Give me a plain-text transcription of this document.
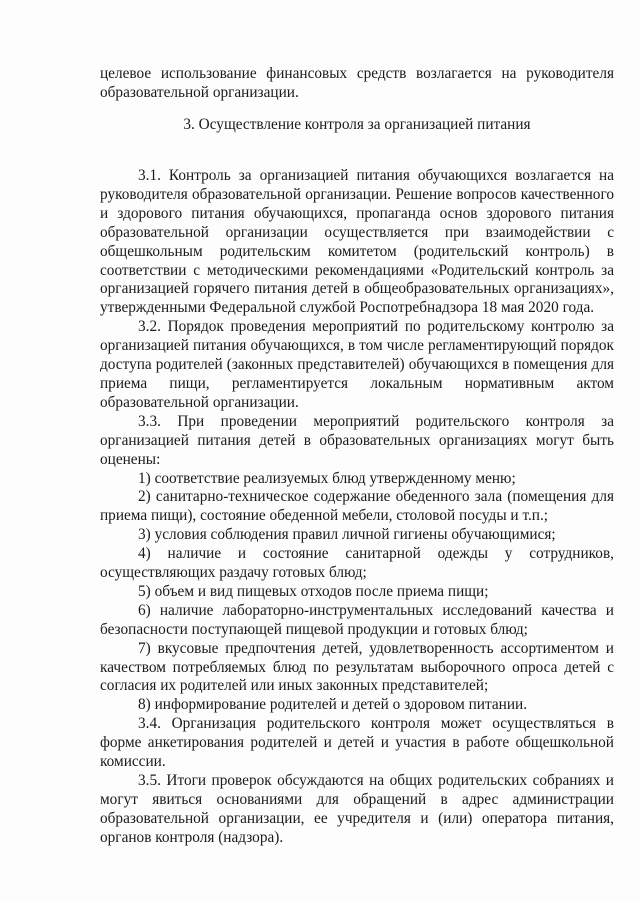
целевое использование финансовых средств возлагается на руководителя образовательной организации.

3. Осуществление контроля за организацией питания

3.1. Контроль за организацией питания обучающихся возлагается на руководителя образовательной организации. Решение вопросов качественного и здорового питания обучающихся, пропаганда основ здорового питания образовательной организации осуществляется при взаимодействии с общешкольным родительским комитетом (родительский контроль) в соответствии с методическими рекомендациями «Родительский контроль за организацией горячего питания детей в общеобразовательных организациях», утвержденными Федеральной службой Роспотребнадзора 18 мая 2020 года.

3.2. Порядок проведения мероприятий по родительскому контролю за организацией питания обучающихся, в том числе регламентирующий порядок доступа родителей (законных представителей) обучающихся в помещения для приема пищи, регламентируется локальным нормативным актом образовательной организации.

3.3. При проведении мероприятий родительского контроля за организацией питания детей в образовательных организациях могут быть оценены:

1) соответствие реализуемых блюд утвержденному меню;

2) санитарно-техническое содержание обеденного зала (помещения для приема пищи), состояние обеденной мебели, столовой посуды и т.п.;

3) условия соблюдения правил личной гигиены обучающимися;

4) наличие и состояние санитарной одежды у сотрудников, осуществляющих раздачу готовых блюд;

5) объем и вид пищевых отходов после приема пищи;

6) наличие лабораторно-инструментальных исследований качества и безопасности поступающей пищевой продукции и готовых блюд;

7) вкусовые предпочтения детей, удовлетворенность ассортиментом и качеством потребляемых блюд по результатам выборочного опроса детей с согласия их родителей или иных законных представителей;

8) информирование родителей и детей о здоровом питании.

3.4. Организация родительского контроля может осуществляться в форме анкетирования родителей и детей и участия в работе общешкольной комиссии.

3.5. Итоги проверок обсуждаются на общих родительских собраниях и могут явиться основаниями для обращений в адрес администрации образовательной организации, ее учредителя и (или) оператора питания, органов контроля (надзора).
